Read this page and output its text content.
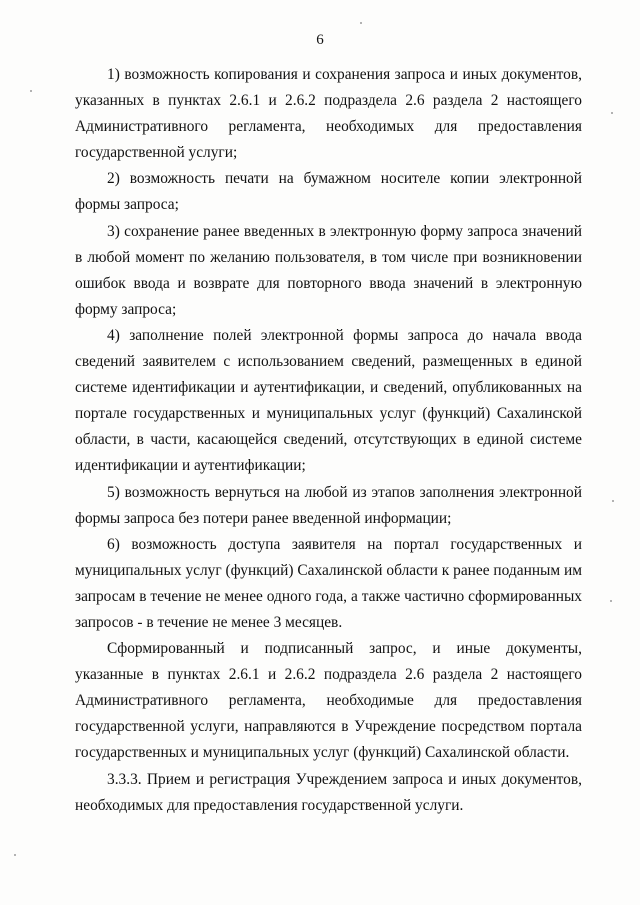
6

1) возможность копирования и сохранения запроса и иных документов, указанных в пунктах 2.6.1 и 2.6.2 подраздела 2.6 раздела 2 настоящего Административного регламента, необходимых для предоставления государственной услуги;

2) возможность печати на бумажном носителе копии электронной формы запроса;

3) сохранение ранее введенных в электронную форму запроса значений в любой момент по желанию пользователя, в том числе при возникновении ошибок ввода и возврате для повторного ввода значений в электронную форму запроса;

4) заполнение полей электронной формы запроса до начала ввода сведений заявителем с использованием сведений, размещенных в единой системе идентификации и аутентификации, и сведений, опубликованных на портале государственных и муниципальных услуг (функций) Сахалинской области, в части, касающейся сведений, отсутствующих в единой системе идентификации и аутентификации;

5) возможность вернуться на любой из этапов заполнения электронной формы запроса без потери ранее введенной информации;

6) возможность доступа заявителя на портал государственных и муниципальных услуг (функций) Сахалинской области к ранее поданным им запросам в течение не менее одного года, а также частично сформированных запросов - в течение не менее 3 месяцев.

Сформированный и подписанный запрос, и иные документы, указанные в пунктах 2.6.1 и 2.6.2 подраздела 2.6 раздела 2 настоящего Административного регламента, необходимые для предоставления государственной услуги, направляются в Учреждение посредством портала государственных и муниципальных услуг (функций) Сахалинской области.

3.3.3. Прием и регистрация Учреждением запроса и иных документов, необходимых для предоставления государственной услуги.
